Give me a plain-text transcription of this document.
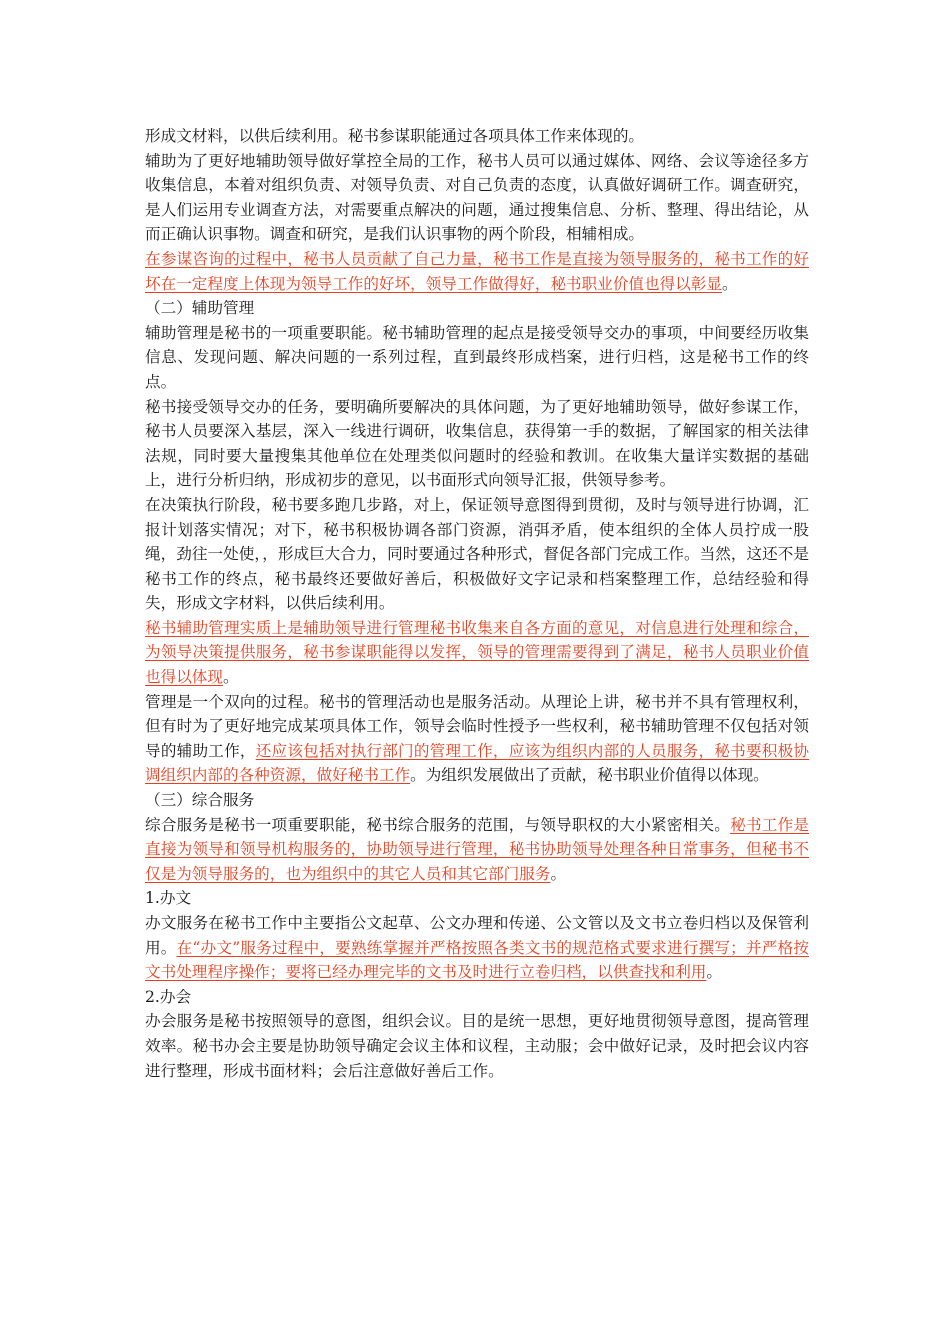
形成文材料，以供后续利用。秘书参谋职能通过各项具体工作来体现的。

辅助为了更好地辅助领导做好掌控全局的工作，秘书人员可以通过媒体、网络、会议等途径多方收集信息，本着对组织负责、对领导负责、对自己负责的态度，认真做好调研工作。调查研究，是人们运用专业调查方法，对需要重点解决的问题，通过搜集信息、分析、整理、得出结论，从而正确认识事物。调查和研究，是我们认识事物的两个阶段，相辅相成。

在参谋咨询的过程中，秘书人员贡献了自己力量，秘书工作是直接为领导服务的，秘书工作的好坏在一定程度上体现为领导工作的好坏，领导工作做得好，秘书职业价值也得以彰显。

（二）辅助管理

辅助管理是秘书的一项重要职能。秘书辅助管理的起点是接受领导交办的事项，中间要经历收集信息、发现问题、解决问题的一系列过程，直到最终形成档案，进行归档，这是秘书工作的终点。

秘书接受领导交办的任务，要明确所要解决的具体问题，为了更好地辅助领导，做好参谋工作，秘书人员要深入基层，深入一线进行调研，收集信息，获得第一手的数据，了解国家的相关法律法规，同时要大量搜集其他单位在处理类似问题时的经验和教训。在收集大量详实数据的基础上，进行分析归纳，形成初步的意见，以书面形式向领导汇报，供领导参考。

在决策执行阶段，秘书要多跑几步路，对上，保证领导意图得到贯彻，及时与领导进行协调，汇报计划落实情况；对下，秘书积极协调各部门资源，消弭矛盾，使本组织的全体人员拧成一股绳，劲往一处使，，形成巨大合力，同时要通过各种形式，督促各部门完成工作。当然，这还不是秘书工作的终点，秘书最终还要做好善后，积极做好文字记录和档案整理工作，总结经验和得失，形成文字材料，以供后续利用。

秘书辅助管理实质上是辅助领导进行管理秘书收集来自各方面的意见，对信息进行处理和综合，为领导决策提供服务，秘书参谋职能得以发挥，领导的管理需要得到了满足，秘书人员职业价值也得以体现。

管理是一个双向的过程。秘书的管理活动也是服务活动。从理论上讲，秘书并不具有管理权利，但有时为了更好地完成某项具体工作，领导会临时性授予一些权利，秘书辅助管理不仅包括对领导的辅助工作，还应该包括对执行部门的管理工作，应该为组织内部的人员服务，秘书要积极协调组织内部的各种资源，做好秘书工作。为组织发展做出了贡献，秘书职业价值得以体现。

（三）综合服务

综合服务是秘书一项重要职能，秘书综合服务的范围，与领导职权的大小紧密相关。秘书工作是直接为领导和领导机构服务的，协助领导进行管理，秘书协助领导处理各种日常事务，但秘书不仅是为领导服务的，也为组织中的其它人员和其它部门服务。

1.办文

办文服务在秘书工作中主要指公文起草、公文办理和传递、公文管以及文书立卷归档以及保管利用。在“办文”服务过程中，要熟练掌握并严格按照各类文书的规范格式要求进行撰写；并严格按文书处理程序操作；要将已经办理完毕的文书及时进行立卷归档，以供查找和利用。

2.办会

办会服务是秘书按照领导的意图，组织会议。目的是统一思想，更好地贯彻领导意图，提高管理效率。秘书办会主要是协助领导确定会议主体和议程，主动服；会中做好记录，及时把会议内容进行整理，形成书面材料；会后注意做好善后工作。
